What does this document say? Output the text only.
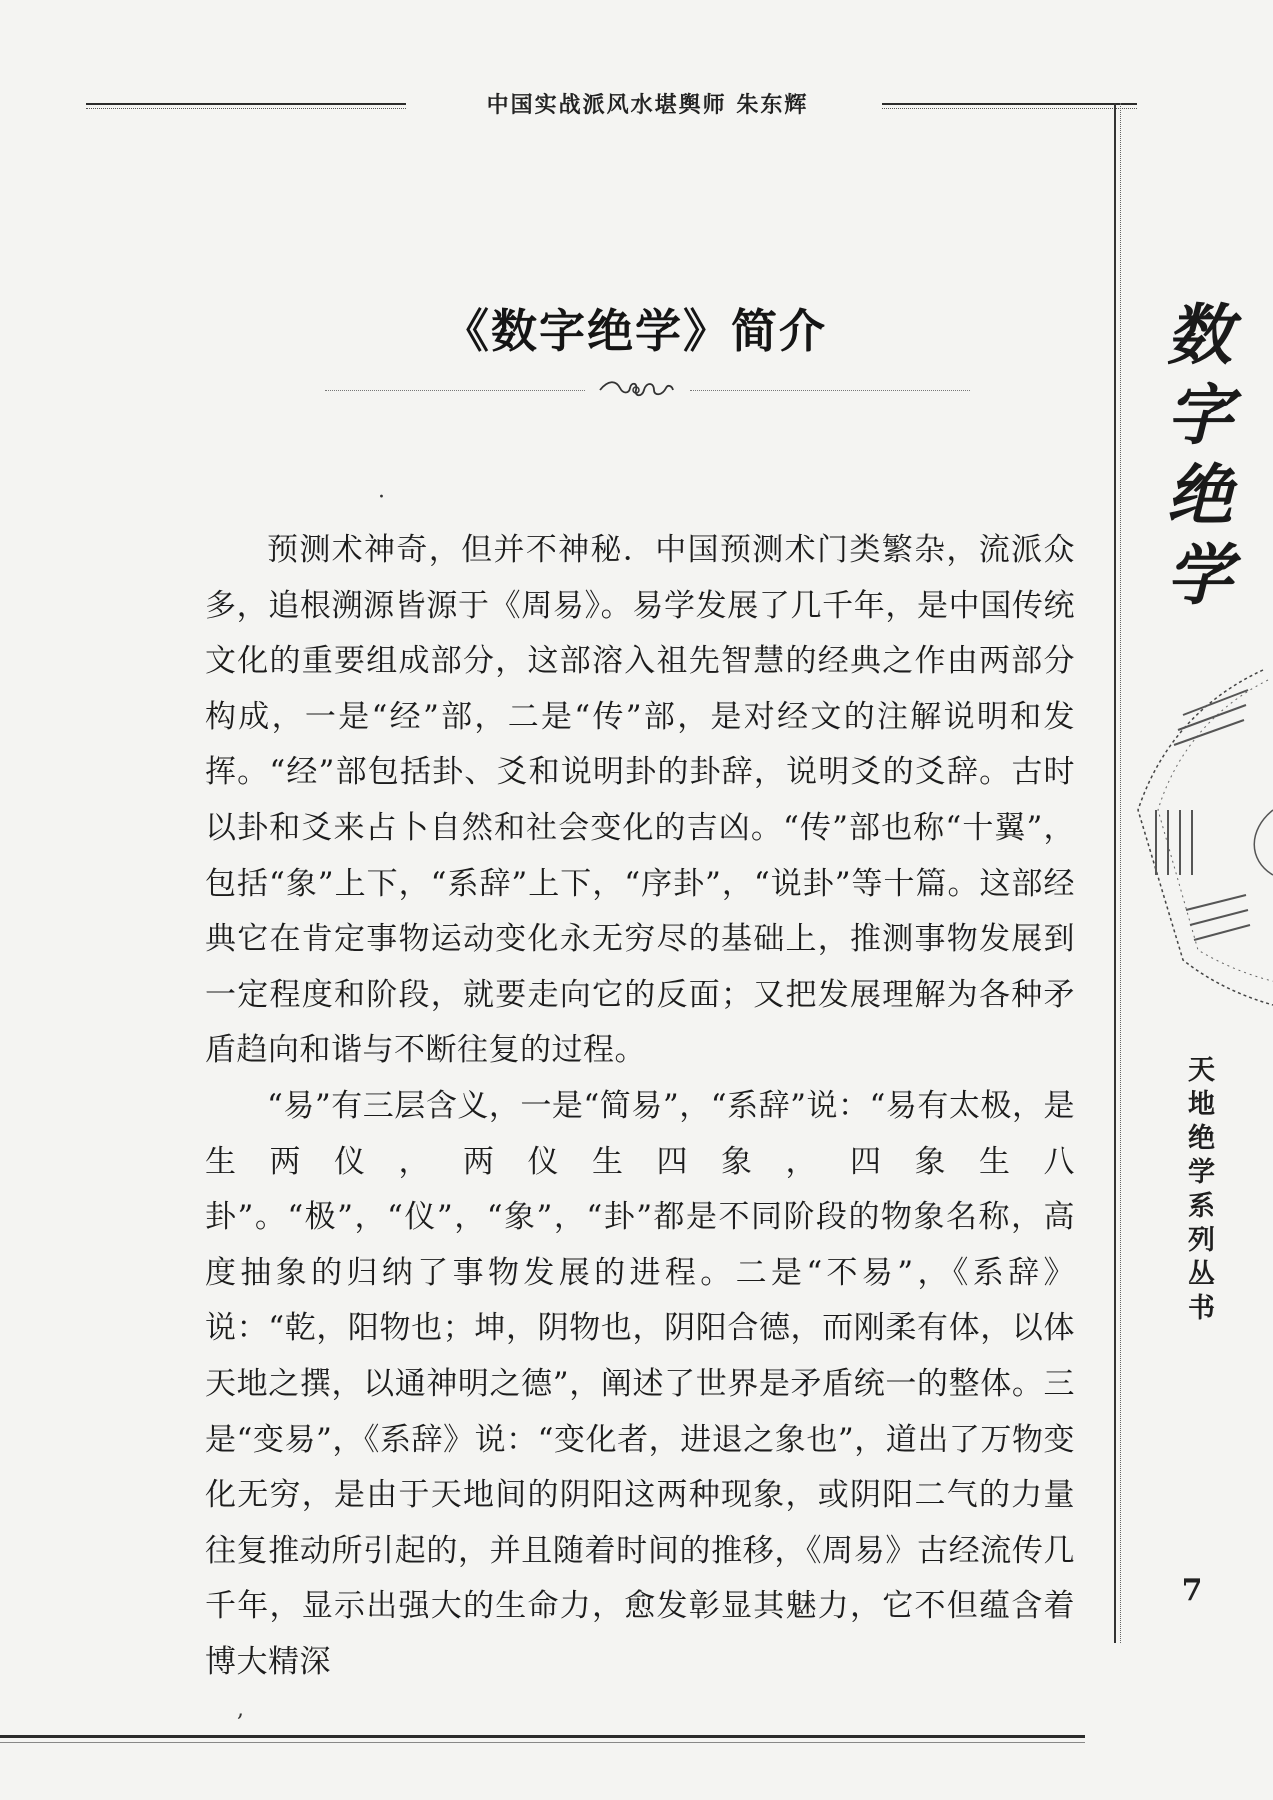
中国实战派风水堪舆师 朱东辉
《数字绝学》简介
·

预测术神奇，但并不神秘．中国预测术门类繁杂，流派众多，追根溯源皆源于《周易》。易学发展了几千年，是中国传统文化的重要组成部分，这部溶入祖先智慧的经典之作由两部分构成，一是“经”部，二是“传”部，是对经文的注解说明和发挥。“经”部包括卦、爻和说明卦的卦辞，说明爻的爻辞。古时以卦和爻来占卜自然和社会变化的吉凶。“传”部也称“十翼”，包括“象”上下，“系辞”上下，“序卦”，“说卦”等十篇。这部经典它在肯定事物运动变化永无穷尽的基础上，推测事物发展到一定程度和阶段，就要走向它的反面；又把发展理解为各种矛盾趋向和谐与不断往复的过程。

“易”有三层含义，一是“简易”，“系辞”说：“易有太极，是生两仪，两仪生四象，四象生八卦”。“极”，“仪”，“象”，“卦”都是不同阶段的物象名称，高度抽象的归纳了事物发展的进程。二是“不易”，《系辞》说：“乾，阳物也；坤，阴物也，阴阳合德，而刚柔有体，以体天地之撰，以通神明之德”，阐述了世界是矛盾统一的整体。三是“变易”，《系辞》说：“变化者，进退之象也”，道出了万物变化无穷，是由于天地间的阴阳这两种现象，或阴阳二气的力量往复推动所引起的，并且随着时间的推移，《周易》古经流传几千年，显示出强大的生命力，愈发彰显其魅力，它不但蕴含着博大精深

数字绝学
天地绝学系列丛书
7
,
